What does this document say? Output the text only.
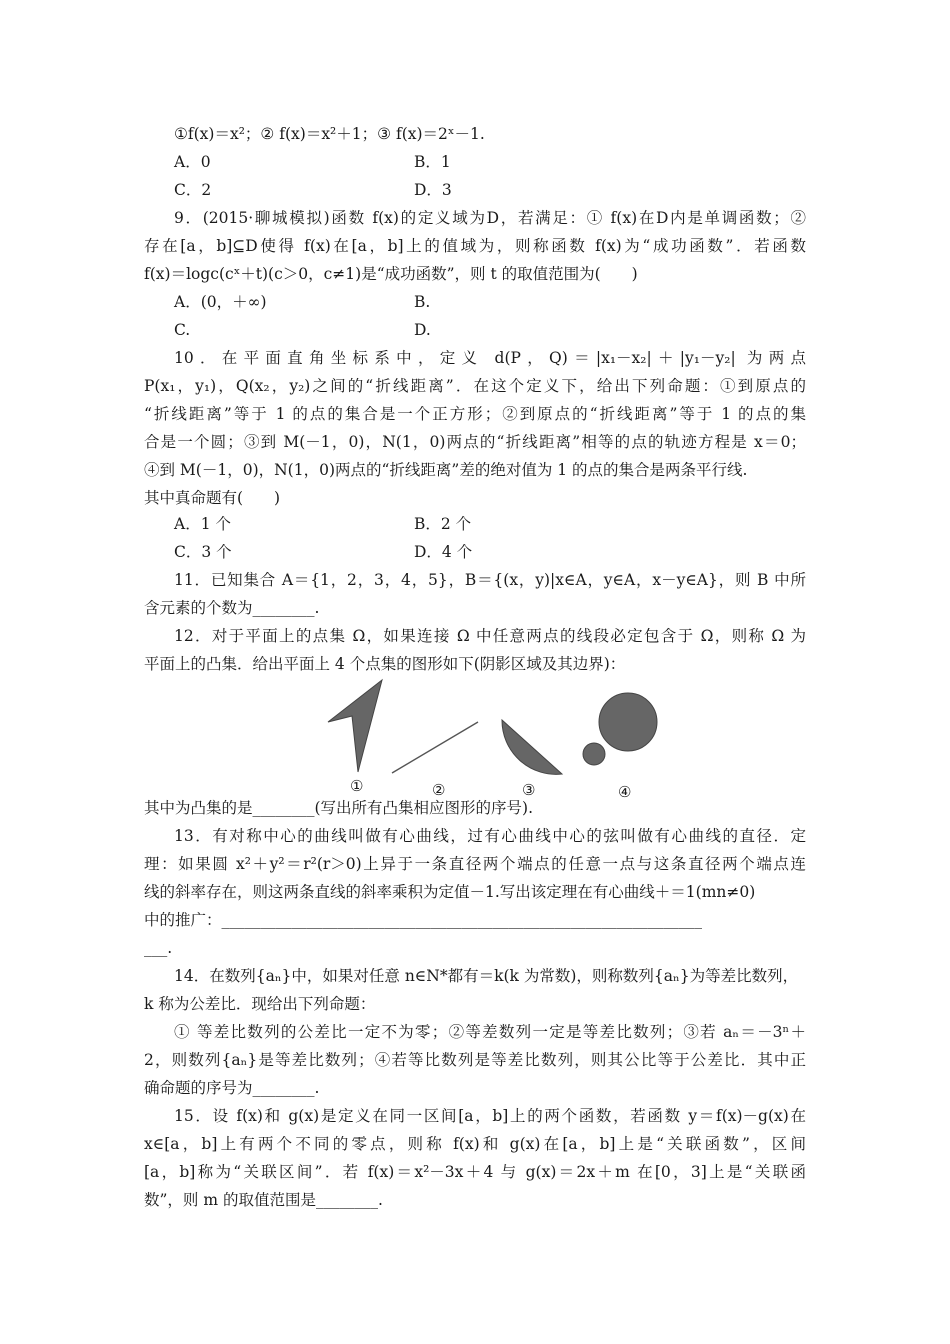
①f(x)＝x²；② f(x)＝x²＋1；③ f(x)＝2ˣ－1.
A．0	B．1
C．2	D．3
9．(2015·聊城模拟)函数 f(x)的定义域为D，若满足：① f(x)在D内是单调函数；②
存在[a，b]⊆D使得 f(x)在[a，b]上的值域为，则称函数 f(x)为“成功函数”．若函数
f(x)＝logc(cˣ＋t)(c＞0，c≠1)是“成功函数”，则 t 的取值范围为(　　)
A．(0，＋∞)	B.
C.	D.
10．在平面直角坐标系中，定义 d(P，Q)＝|x₁－x₂|＋|y₁－y₂| 为两点
P(x₁，y₁)，Q(x₂，y₂)之间的“折线距离”．在这个定义下，给出下列命题：①到原点的
“折线距离”等于 1 的点的集合是一个正方形；②到原点的“折线距离”等于 1 的点的集
合是一个圆；③到 M(－1，0)，N(1，0)两点的“折线距离”相等的点的轨迹方程是 x＝0；
④到 M(－1，0)，N(1，0)两点的“折线距离”差的绝对值为 1 的点的集合是两条平行线.
其中真命题有(　　)
A．1 个	B．2 个
C．3 个	D．4 个
11．已知集合 A＝{1，2，3，4，5}，B＝{(x，y)|x∈A，y∈A，x－y∈A}，则 B 中所
含元素的个数为________.
12．对于平面上的点集 Ω，如果连接 Ω 中任意两点的线段必定包含于 Ω，则称 Ω 为
平面上的凸集．给出平面上 4 个点集的图形如下(阴影区域及其边界)：
①	②	③	④
其中为凸集的是________(写出所有凸集相应图形的序号).
13．有对称中心的曲线叫做有心曲线，过有心曲线中心的弦叫做有心曲线的直径．定
理：如果圆 x²＋y²＝r²(r＞0)上异于一条直径两个端点的任意一点与这条直径两个端点连
线的斜率存在，则这两条直线的斜率乘积为定值－1.写出该定理在有心曲线＋＝1(mn≠0)
中的推广：______________________________________________________________
___.
14．在数列{aₙ}中，如果对任意 n∈N*都有＝k(k 为常数)，则称数列{aₙ}为等差比数列，
k 称为公差比．现给出下列命题：
① 等差比数列的公差比一定不为零；②等差数列一定是等差比数列；③若 aₙ＝－3ⁿ＋
2，则数列{aₙ}是等差比数列；④若等比数列是等差比数列，则其公比等于公差比．其中正
确命题的序号为________.
15．设 f(x)和 g(x)是定义在同一区间[a，b]上的两个函数，若函数 y＝f(x)－g(x)在
x∈[a，b]上有两个不同的零点，则称 f(x)和 g(x)在[a，b]上是“关联函数”，区间
[a，b]称为“关联区间”．若 f(x)＝x²－3x＋4 与 g(x)＝2x＋m 在[0，3]上是“关联函
数”，则 m 的取值范围是________.
